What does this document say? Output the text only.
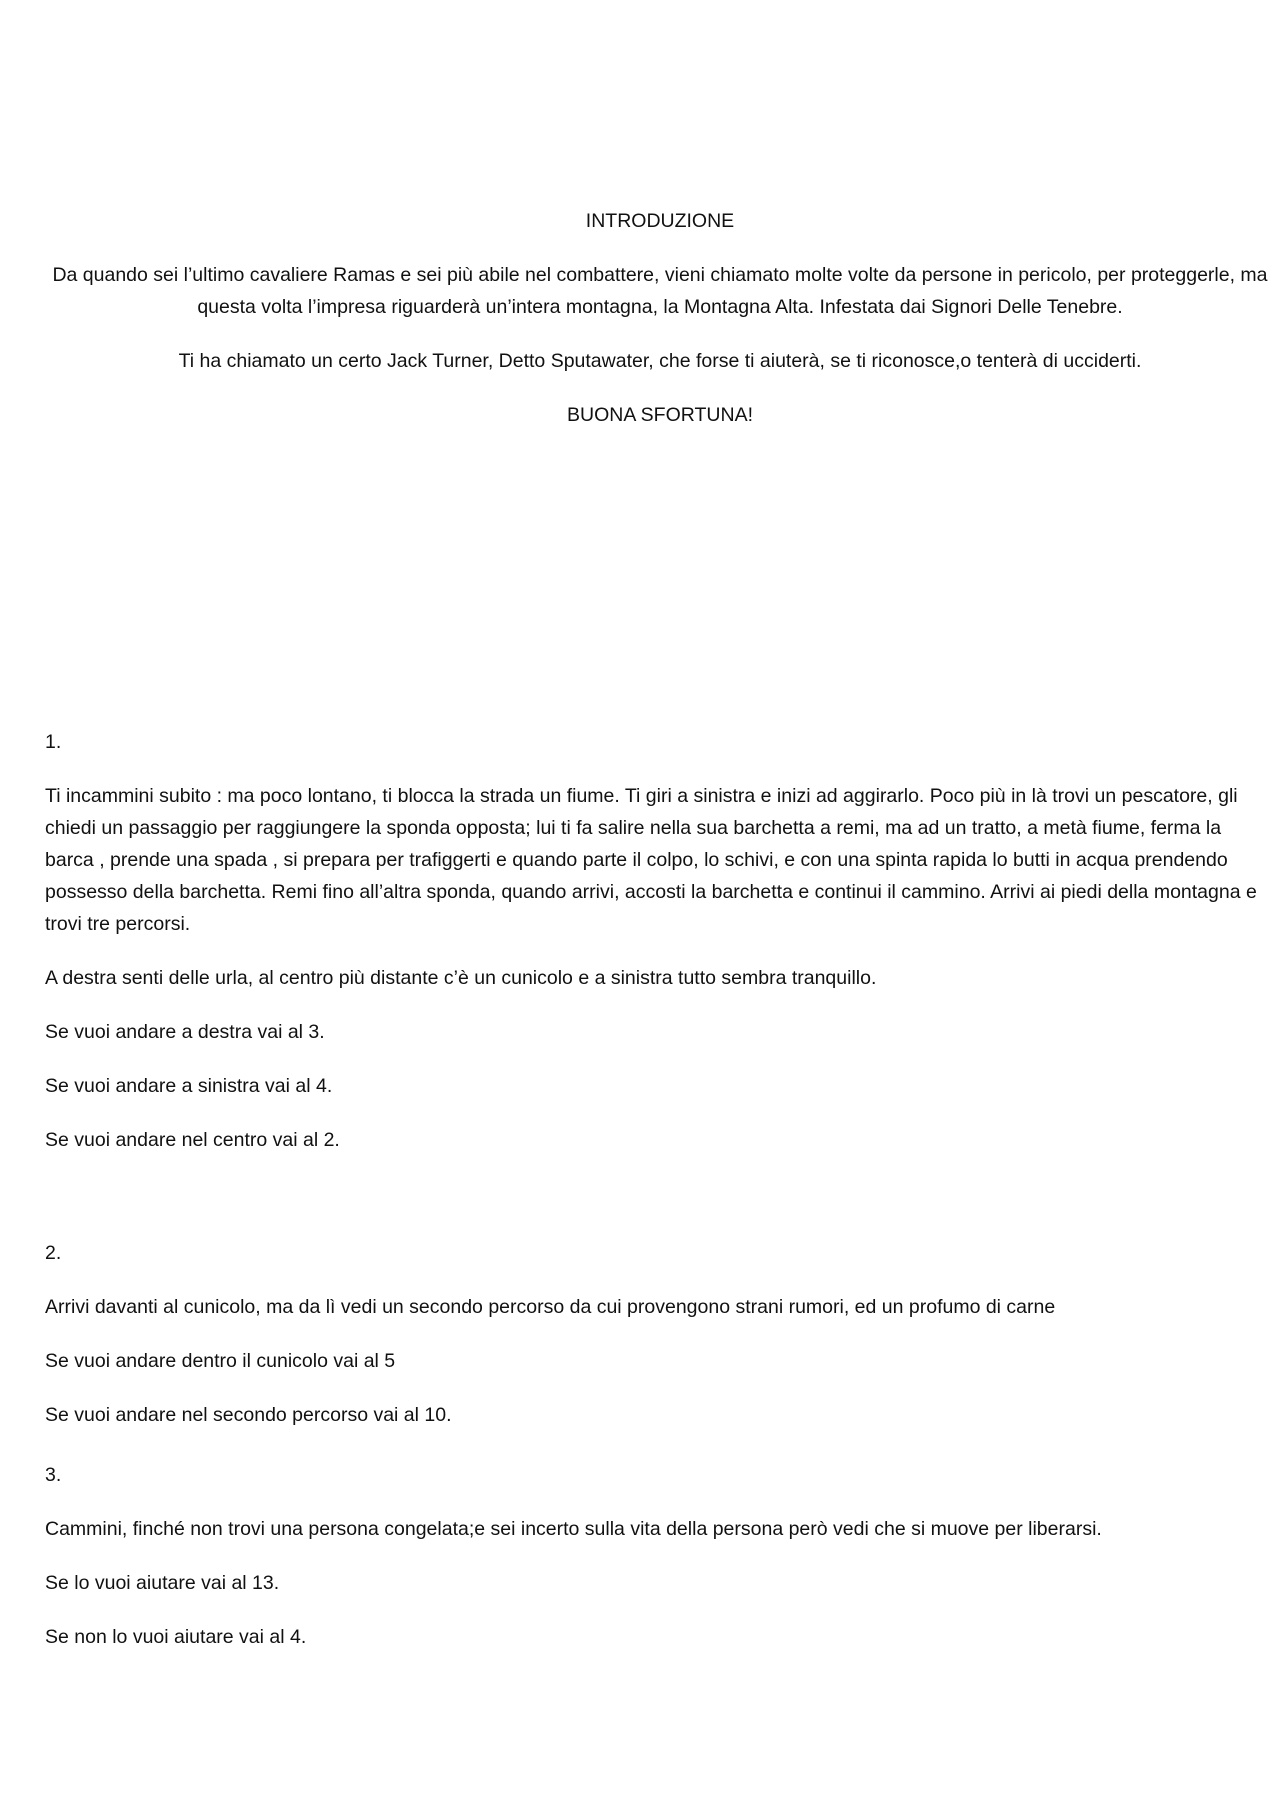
INTRODUZIONE

Da quando sei l’ultimo cavaliere Ramas e sei più abile nel combattere, vieni chiamato molte volte da persone in pericolo, per proteggerle, ma questa volta l’impresa riguarderà un’intera montagna, la Montagna Alta. Infestata dai Signori Delle Tenebre.

Ti ha chiamato un certo Jack Turner, Detto Sputawater, che forse ti aiuterà, se ti riconosce,o tenterà di ucciderti.

BUONA SFORTUNA!

1.

Ti incammini subito : ma poco lontano, ti blocca la strada un fiume. Ti giri a sinistra e inizi ad aggirarlo. Poco più in là trovi un pescatore, gli chiedi un passaggio per raggiungere la sponda opposta; lui ti fa salire nella sua barchetta a remi, ma ad un tratto, a metà fiume, ferma la barca , prende una spada , si prepara per trafiggerti e quando parte il colpo, lo schivi, e con una spinta rapida lo butti in acqua prendendo possesso della barchetta. Remi fino all’altra sponda, quando arrivi, accosti la barchetta e continui il cammino. Arrivi ai piedi della montagna e trovi tre percorsi.

A destra senti delle urla, al centro più distante c’è un cunicolo e a sinistra tutto sembra tranquillo.

Se vuoi andare a destra vai al 3.

Se vuoi andare a sinistra vai al 4.

Se vuoi andare nel centro vai al 2.

2.

Arrivi davanti al cunicolo, ma da lì vedi un secondo percorso da cui provengono strani rumori, ed un profumo di carne

Se vuoi andare dentro il cunicolo vai al 5

Se vuoi andare nel secondo percorso vai al 10.

3.

Cammini, finché non trovi una persona congelata;e sei incerto sulla vita della persona però vedi che si muove per liberarsi.

Se lo vuoi aiutare vai al 13.

Se non lo vuoi aiutare vai al 4.
